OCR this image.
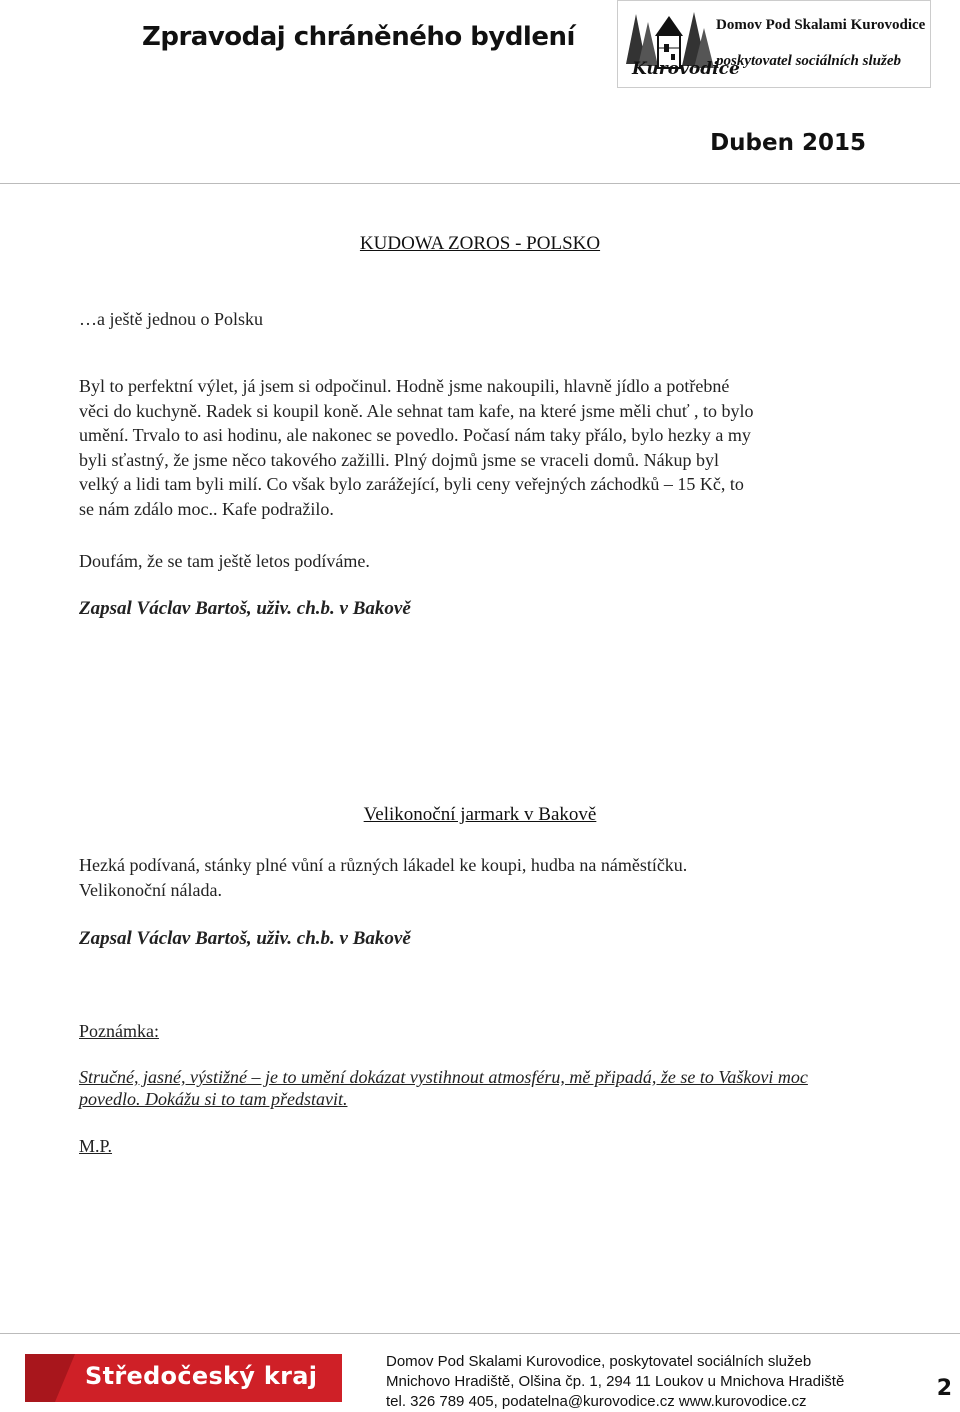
Zpravodaj chráněného bydlení
Kurovodice
Domov Pod Skalami Kurovodice
poskytovatel sociálních služeb
Duben 2015
KUDOWA ZOROS - POLSKO
…a ještě jednou o Polsku
Byl to perfektní výlet, já jsem si odpočinul. Hodně jsme nakoupili, hlavně jídlo a potřebné
věci do kuchyně. Radek si koupil koně. Ale sehnat tam kafe, na které jsme měli chuť , to bylo
umění. Trvalo to asi hodinu, ale nakonec se povedlo. Počasí nám taky přálo, bylo hezky a my
byli sťastný, že jsme něco takového zažilli. Plný dojmů jsme se vraceli domů. Nákup byl
velký a lidi tam byli milí. Co však bylo zarážející, byli ceny veřejných záchodků – 15 Kč, to
se nám zdálo moc.. Kafe podražilo.
Doufám, že se tam ještě letos podíváme.
Zapsal Václav Bartoš, uživ. ch.b. v Bakově
Velikonoční jarmark v Bakově
Hezká podívaná, stánky plné vůní a různých lákadel ke koupi, hudba na náměstíčku.
Velikonoční nálada.
Zapsal Václav Bartoš, uživ. ch.b. v Bakově
Poznámka:
Stručné, jasné, výstižné – je to umění dokázat vystihnout atmosféru, mě připadá, že se to Vaškovi moc
povedlo. Dokážu si to tam představit.
M.P.
Středočeský kraj
Domov Pod Skalami Kurovodice, poskytovatel sociálních služeb
Mnichovo Hradiště, Olšina čp. 1, 294 11 Loukov u Mnichova Hradiště
tel. 326 789 405, podatelna@kurovodice.cz www.kurovodice.cz
2
